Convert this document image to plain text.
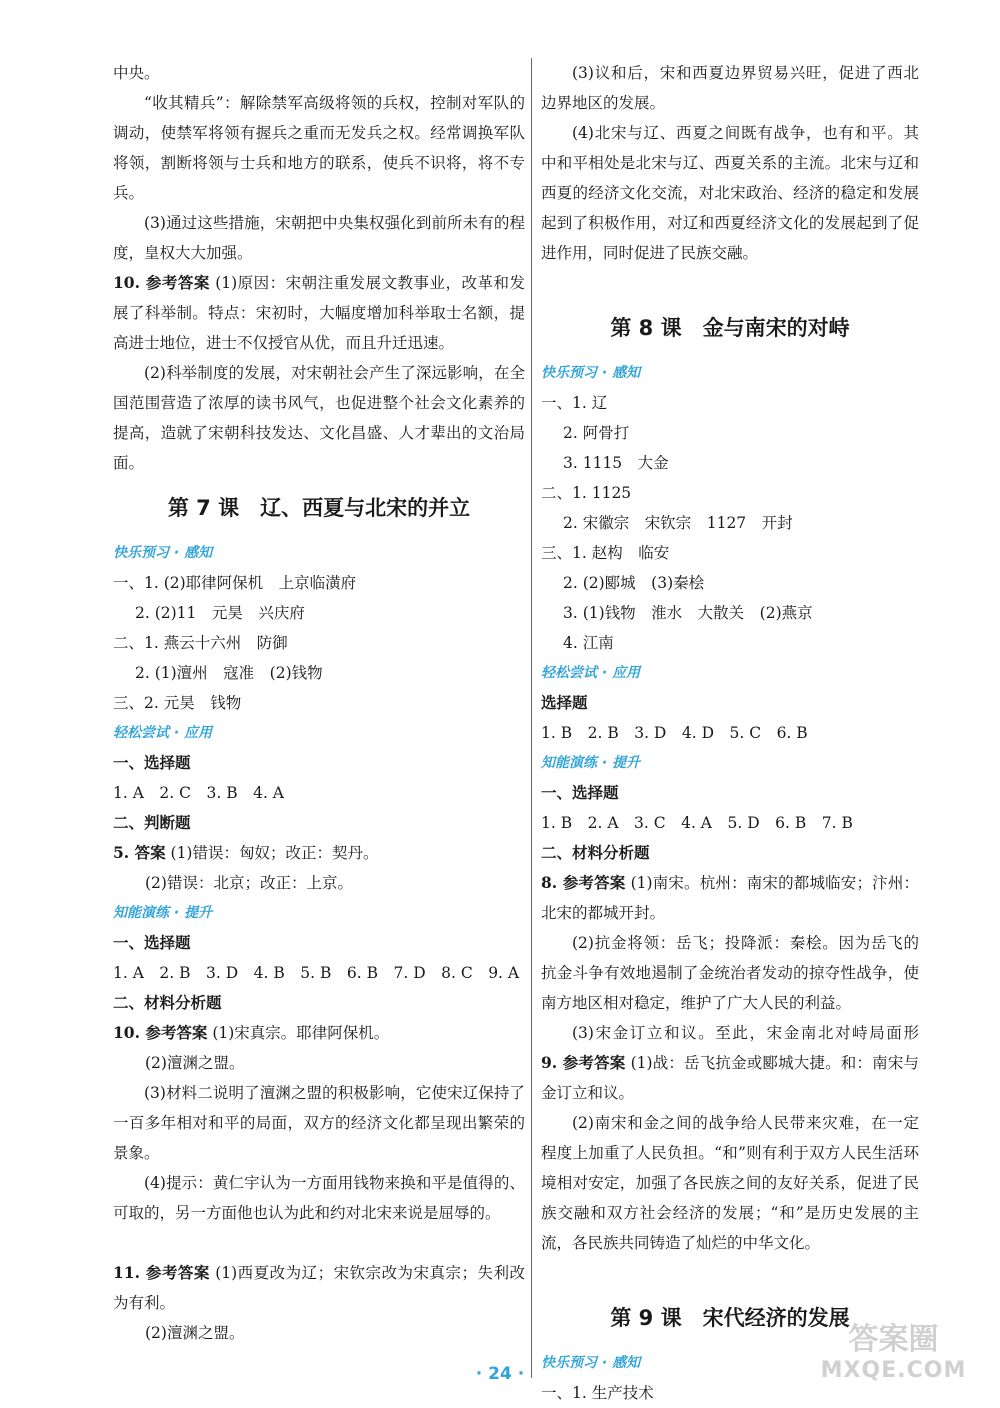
中央。
“收其精兵”：解除禁军高级将领的兵权，控制对军队的调动，使禁军将领有握兵之重而无发兵之权。经常调换军队将领，割断将领与士兵和地方的联系，使兵不识将，将不专兵。
(3)通过这些措施，宋朝把中央集权强化到前所未有的程度，皇权大大加强。
10. 参考答案 (1)原因：宋朝注重发展文教事业，改革和发展了科举制。特点：宋初时，大幅度增加科举取士名额，提高进士地位，进士不仅授官从优，而且升迁迅速。
(2)科举制度的发展，对宋朝社会产生了深远影响，在全国范围营造了浓厚的读书风气，也促进整个社会文化素养的提高，造就了宋朝科技发达、文化昌盛、人才辈出的文治局面。
第 7 课　辽、西夏与北宋的并立
快乐预习 · 感知
一、1. (2)耶律阿保机　上京临潢府
2. (2)11　元昊　兴庆府
二、1. 燕云十六州　防御
2. (1)澶州　寇准　(2)钱物
三、2. 元昊　钱物
轻松尝试 · 应用
一、选择题
1. A　2. C　3. B　4. A
二、判断题
5. 答案 (1)错误：匈奴；改正：契丹。
(2)错误：北京；改正：上京。
知能演练 · 提升
一、选择题
1. A　2. B　3. D　4. B　5. B　6. B　7. D　8. C　9. A
二、材料分析题
10. 参考答案 (1)宋真宗。耶律阿保机。
(2)澶渊之盟。
(3)材料二说明了澶渊之盟的积极影响，它使宋辽保持了一百多年相对和平的局面，双方的经济文化都呈现出繁荣的景象。
(4)提示：黄仁宇认为一方面用钱物来换和平是值得的、可取的，另一方面他也认为此和约对北宋来说是屈辱的。
11. 参考答案 (1)西夏改为辽；宋钦宗改为宋真宗；失利改为有利。
(2)澶渊之盟。
(3)议和后，宋和西夏边界贸易兴旺，促进了西北边界地区的发展。
(4)北宋与辽、西夏之间既有战争，也有和平。其中和平相处是北宋与辽、西夏关系的主流。北宋与辽和西夏的经济文化交流，对北宋政治、经济的稳定和发展起到了积极作用，对辽和西夏经济文化的发展起到了促进作用，同时促进了民族交融。
第 8 课　金与南宋的对峙
快乐预习 · 感知
一、1. 辽
2. 阿骨打
3. 1115　大金
二、1. 1125
2. 宋徽宗　宋钦宗　1127　开封
三、1. 赵构　临安
2. (2)郾城　(3)秦桧
3. (1)钱物　淮水　大散关　(2)燕京
4. 江南
轻松尝试 · 应用
选择题
1. B　2. B　3. D　4. D　5. C　6. B
知能演练 · 提升
一、选择题
1. B　2. A　3. C　4. A　5. D　6. B　7. B
二、材料分析题
8. 参考答案 (1)南宋。杭州：南宋的都城临安；汴州：北宋的都城开封。
(2)抗金将领：岳飞；投降派：秦桧。因为岳飞的抗金斗争有效地遏制了金统治者发动的掠夺性战争，使南方地区相对稳定，维护了广大人民的利益。
(3)宋金订立和议。至此，宋金南北对峙局面形
9. 参考答案 (1)战：岳飞抗金或郾城大捷。和：南宋与金订立和议。
(2)南宋和金之间的战争给人民带来灾难，在一定程度上加重了人民负担。“和”则有利于双方人民生活环境相对安定，加强了各民族之间的友好关系，促进了民族交融和双方社会经济的发展；“和”是历史发展的主流，各民族共同铸造了灿烂的中华文化。
第 9 课　宋代经济的发展
快乐预习 · 感知
一、1. 生产技术
· 24 ·
答案圈
MXQE.COM
